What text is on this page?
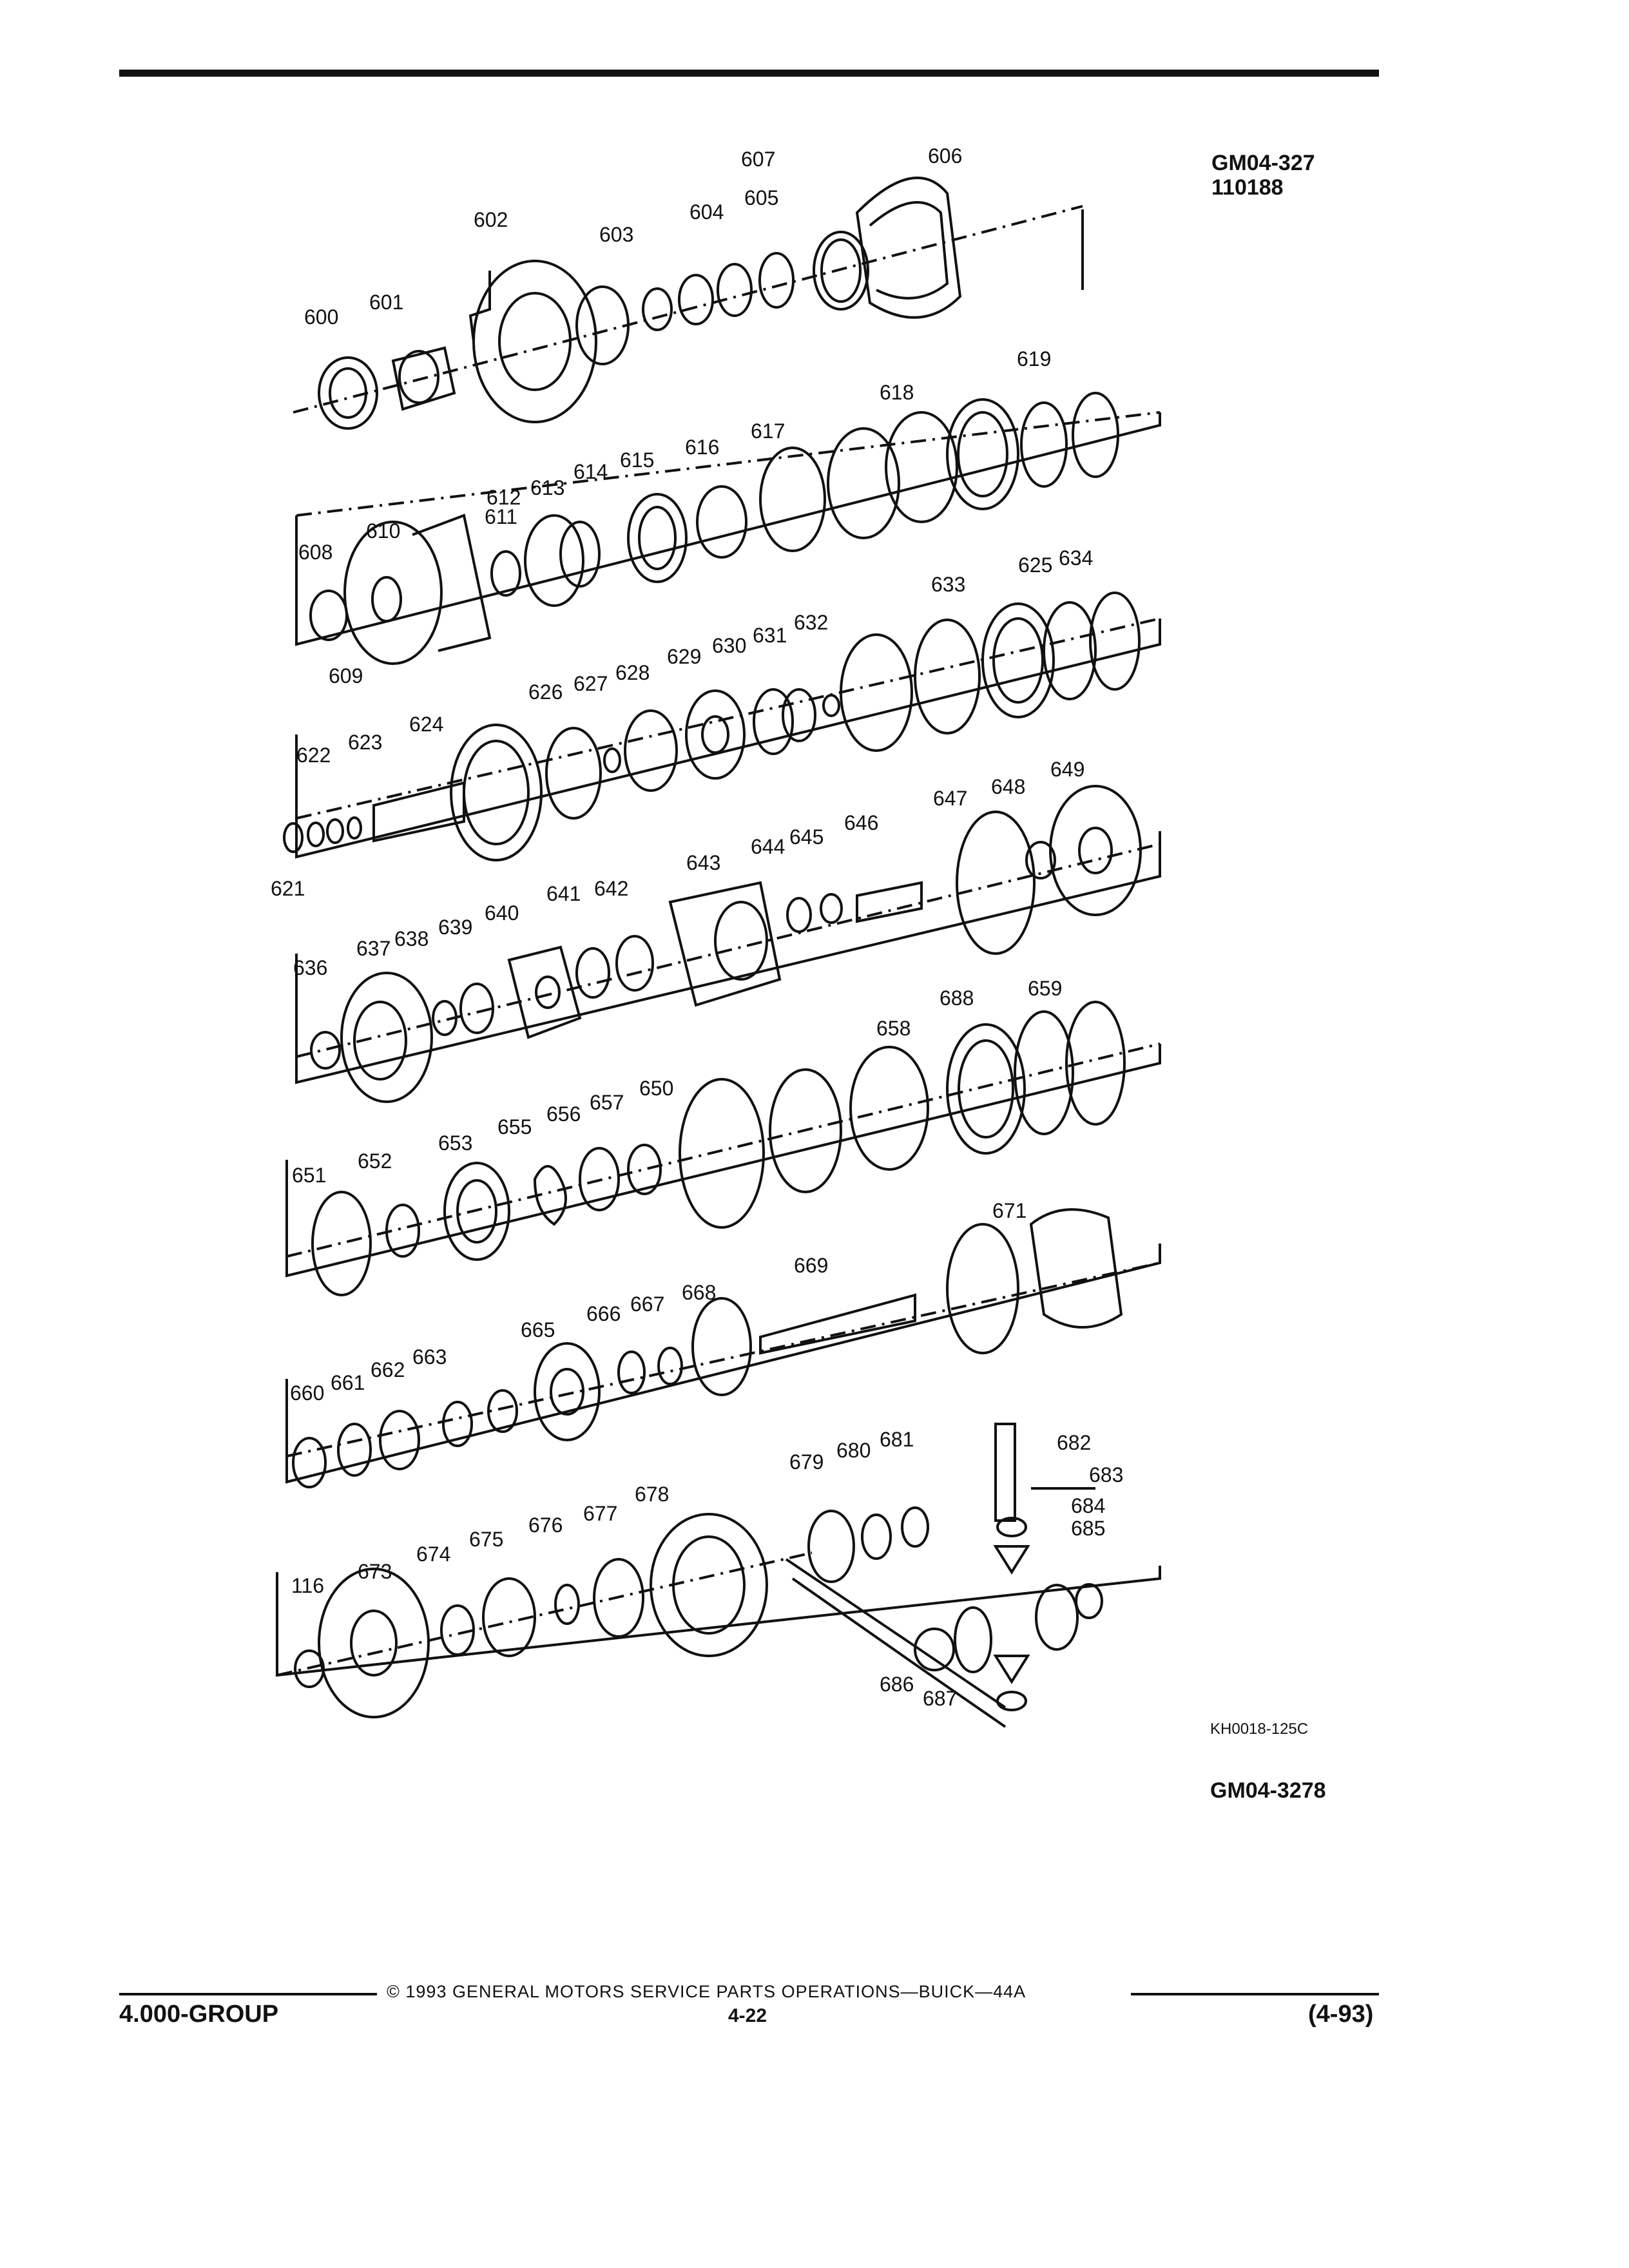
GM04-327
110188
600
601
602
603
604
605
606
607
608
609
610
611
612 613
614 615
616
617
618
619
621
622
623
624
625
626 627 628
629 630 631
632
633
634
636
637 638 639
640
641 642
643
644 645
646
647 648
649
650
651
652
653
655
656 657
658
659
660 661
662
663
665
666 667 668
669
671
673
674
675
676 677
678
679 680 681	682
683
684
685
686
687
688
116
KH0018-125C
GM04-3278
© 1993 GENERAL MOTORS SERVICE PARTS OPERATIONS—BUICK—44A
4.000-GROUP	4-22	(4-93)
